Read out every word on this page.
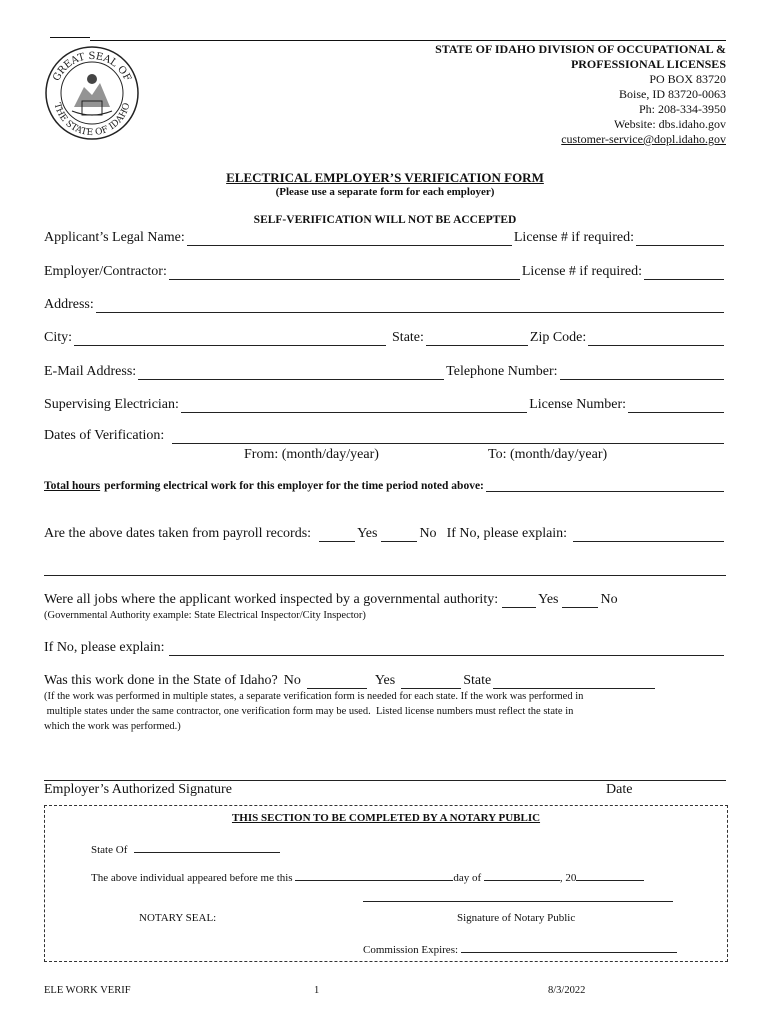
GREAT SEAL OF
THE STATE OF IDAHO
STATE OF IDAHO DIVISION OF OCCUPATIONAL &
PROFESSIONAL LICENSES
PO BOX 83720
Boise, ID 83720-0063
Ph: 208-334-3950
Website: dbs.idaho.gov
customer-service@dopl.idaho.gov
ELECTRICAL EMPLOYER’S VERIFICATION FORM
(Please use a separate form for each employer)
SELF-VERIFICATION WILL NOT BE ACCEPTED
Applicant’s Legal Name:	License # if required:
Employer/Contractor:	License # if required:
Address:
City:	State:	Zip Code:
E-Mail Address:	Telephone Number:
Supervising Electrician:	License Number:
Dates of Verification:
From: (month/day/year)	To: (month/day/year)
Total hours performing electrical work for this employer for the time period noted above:
Are the above dates taken from payroll records:	Yes	No If No, please explain:
Were all jobs where the applicant worked inspected by a governmental authority:	Yes	No
(Governmental Authority example: State Electrical Inspector/City Inspector)
If No, please explain:
Was this work done in the State of Idaho? No	Yes	State
(If the work was performed in multiple states, a separate verification form is needed for each state. If the work was performed in
multiple states under the same contractor, one verification form may be used.  Listed license numbers must reflect the state in
which the work was performed.)
Employer’s Authorized Signature	Date
THIS SECTION TO BE COMPLETED BY A NOTARY PUBLIC
State Of
The above individual appeared before me this	day of	, 20
NOTARY SEAL:	Signature of Notary Public
Commission Expires:
ELE WORK VERIF	1	8/3/2022
